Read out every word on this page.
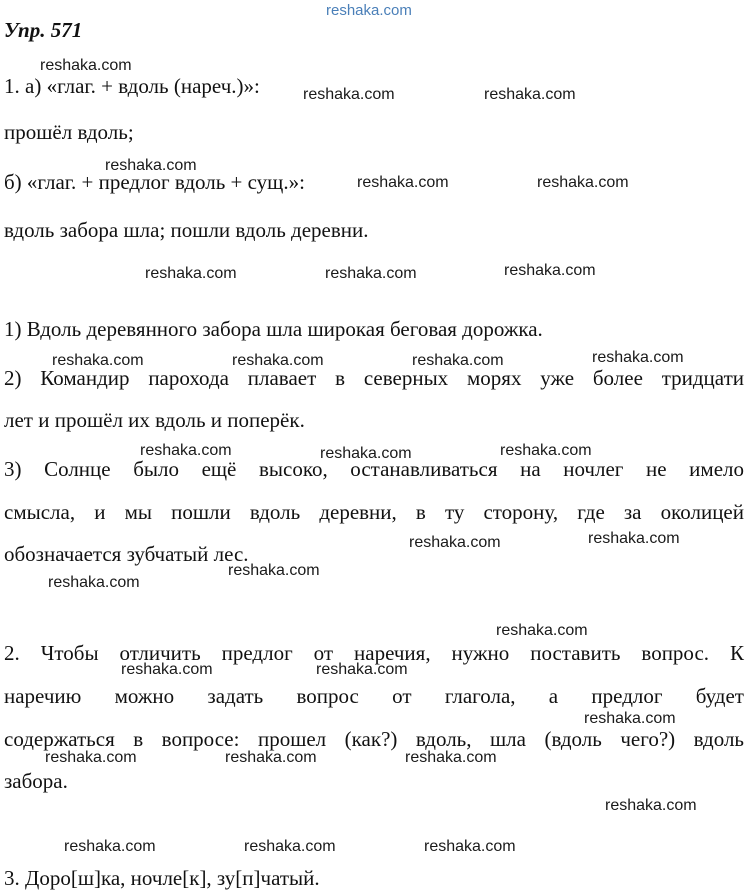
Упр. 571

1. а) «глаг. + вдоль (нареч.)»:

прошёл вдоль;

б) «глаг. + предлог вдоль + сущ.»:

вдоль забора шла; пошли вдоль деревни.

1) Вдоль деревянного забора шла широкая беговая дорожка.

2) Командир парохода плавает в северных морях уже более тридцати

лет и прошёл их вдоль и поперёк.

3) Солнце было ещё высоко, останавливаться на ночлег не имело

смысла, и мы пошли вдоль деревни, в ту сторону, где за околицей

обозначается зубчатый лес.

2. Чтобы отличить предлог от наречия, нужно поставить вопрос. К

наречию можно задать вопрос от глагола, а предлог будет

содержаться в вопросе: прошел (как?) вдоль, шла (вдоль чего?) вдоль

забора.

3. Доро[ш]ка, ночле[к], зу[п]чатый.

reshaka.com
reshaka.com
reshaka.com	reshaka.com
reshaka.com
reshaka.com	reshaka.com
reshaka.com	reshaka.com	reshaka.com
reshaka.com	reshaka.com	reshaka.com	reshaka.com
reshaka.com	reshaka.com	reshaka.com
reshaka.com	reshaka.com
reshaka.com
reshaka.com
reshaka.com
reshaka.com	reshaka.com
reshaka.com
reshaka.com	reshaka.com	reshaka.com
reshaka.com
reshaka.com	reshaka.com	reshaka.com
